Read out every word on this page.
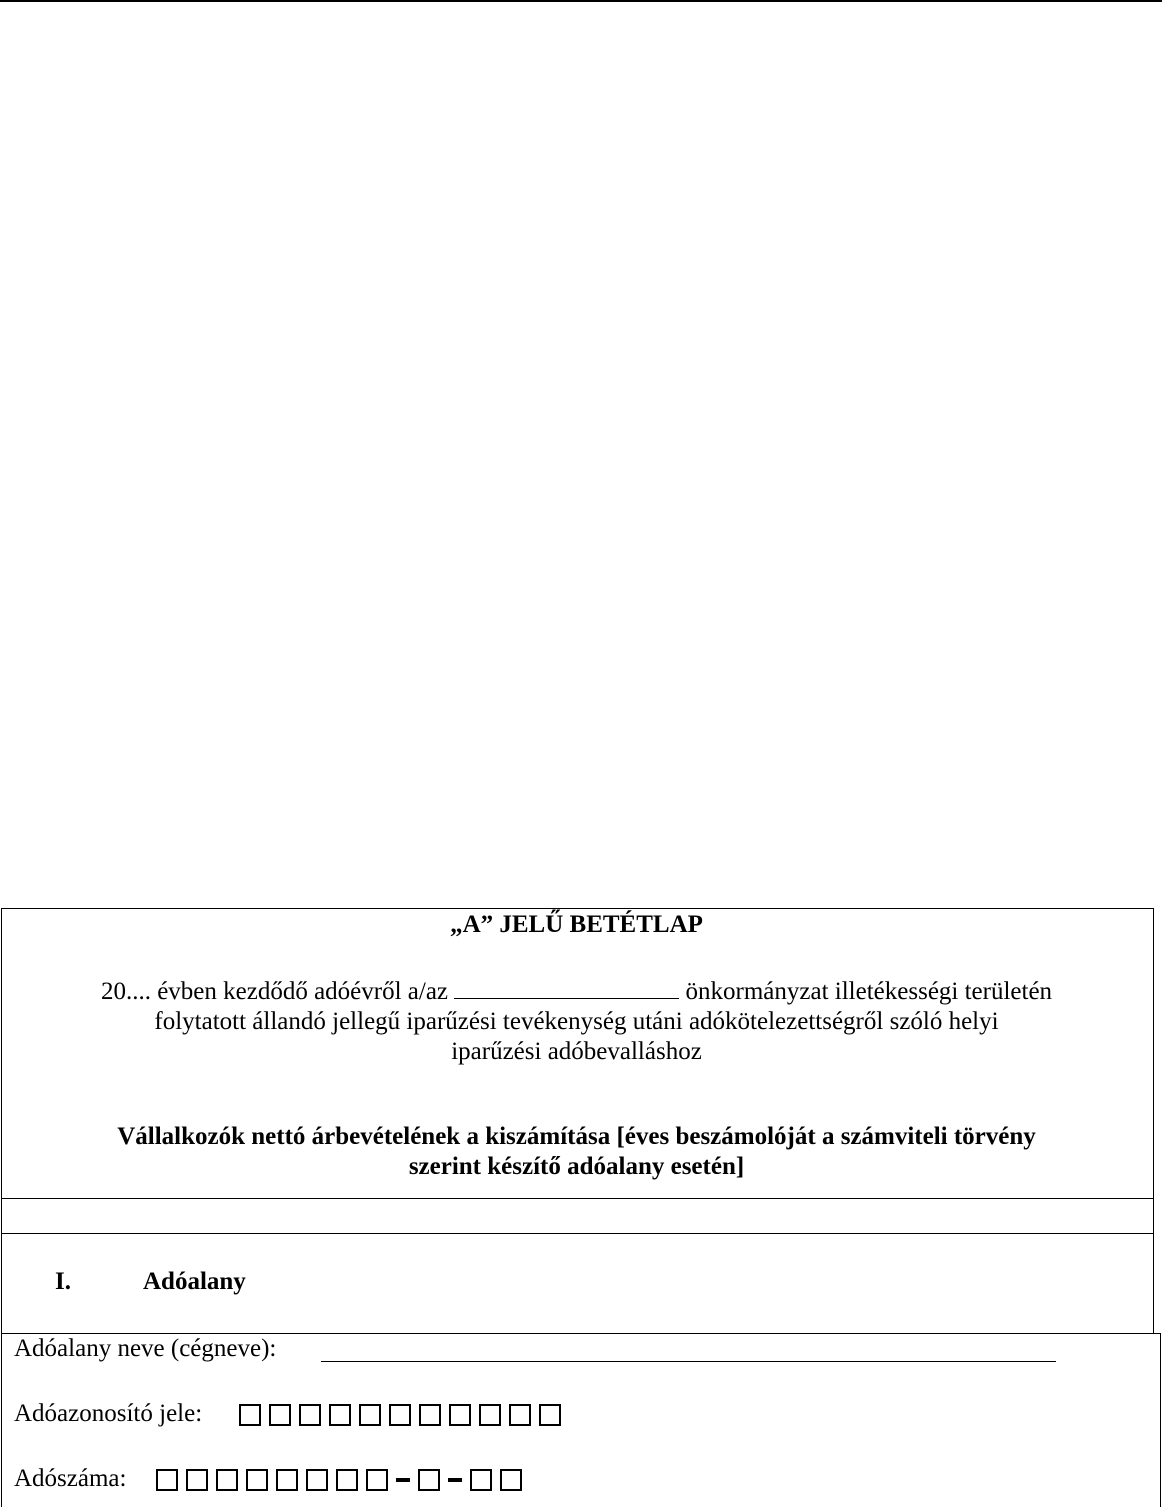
„A” JELŰ BETÉTLAP
20.... évben kezdődő adóévről a/az	önkormányzat illetékességi területén
folytatott állandó jellegű iparűzési tevékenység utáni adókötelezettségről szóló helyi
iparűzési adóbevalláshoz
Vállalkozók nettó árbevételének a kiszámítása [éves beszámolóját a számviteli törvény
szerint készítő adóalany esetén]
I.	Adóalany
Adóalany neve (cégneve):
Adóazonosító jele:
Adószáma:
